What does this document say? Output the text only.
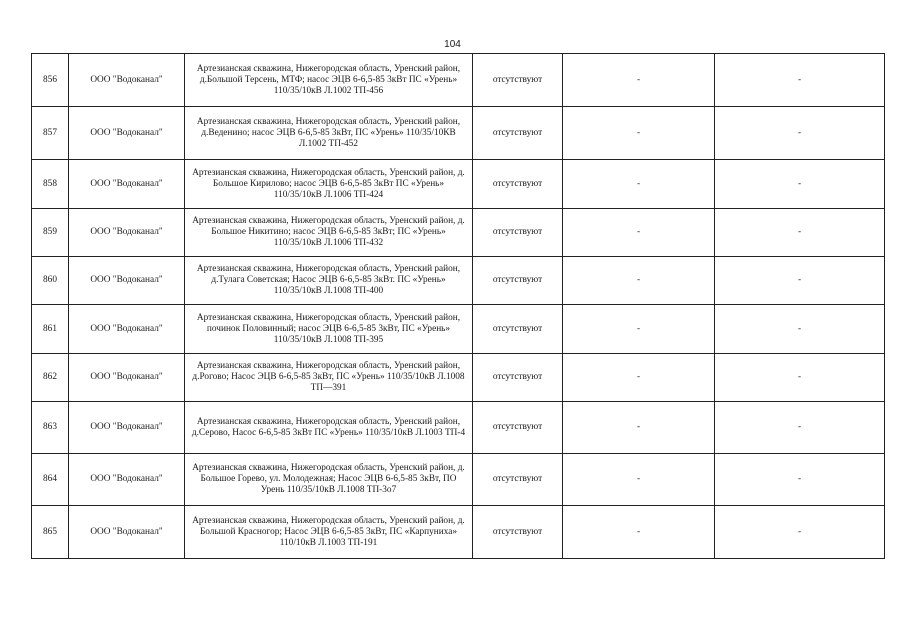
104
856	ООО "Водоканал"	Артезианская скважина, Нижегородская область, Уренский район, д.Большой Терсень, МТФ; насос ЭЦВ 6-6,5-85 3кВт ПС «Урень» 110/35/10кВ Л.1002 ТП-456	отсутствуют	-	-
857	ООО "Водоканал"	Артезианская скважина, Нижегородская область, Уренский район, д.Веденино; насос ЭЦВ 6-6,5-85 3кВт, ПС «Урень» 110/35/10КВ Л.1002 ТП-452	отсутствуют	-	-
858	ООО "Водоканал"	Артезианская скважина, Нижегородская область, Уренский район, д. Большое Кирилово; насос ЭЦВ 6-6,5-85 3кВт ПС «Урень» 110/35/10кВ Л.1006 ТП-424	отсутствуют	-	-
859	ООО "Водоканал"	Артезианская скважина, Нижегородская область, Уренский район, д. Большое Никитино; насос ЭЦВ 6-6,5-85 3кВт; ПС «Урень» 110/35/10кВ Л.1006 ТП-432	отсутствуют	-	-
860	ООО "Водоканал"	Артезианская скважина, Нижегородская область, Уренский район, д.Тулага Советская; Насос ЭЦВ 6-6,5-85 3кВт. ПС «Урень» 110/35/10кВ Л.1008 ТП-400	отсутствуют	-	-
861	ООО "Водоканал"	Артезианская скважина, Нижегородская область, Уренский район, починок Половинный; насос ЭЦВ 6-6,5-85 3кВт, ПС «Урень» 110/35/10кВ Л.1008 ТП-395	отсутствуют	-	-
862	ООО "Водоканал"	Артезианская скважина, Нижегородская область, Уренский район, д.Рогово; Насос ЭЦВ 6-6,5-85 3кВт, ПС «Урень» 110/35/10кВ Л.1008 ТП—391	отсутствуют	-	-
863	ООО "Водоканал"	Артезианская скважина, Нижегородская область, Уренский район, д.Серово, Насос 6-6,5-85 3кВт ПС «Урень» 110/35/10кВ Л.1003 ТП-4	отсутствуют	-	-
864	ООО "Водоканал"	Артезианская скважина, Нижегородская область, Уренский район, д. Большое Горево, ул. Молодежная; Насос ЭЦВ 6-6,5-85 3кВт, ПО Урень 110/35/10кВ Л.1008 ТП-3о7	отсутствуют	-	-
865	ООО "Водоканал"	Артезианская скважина, Нижегородская область, Уренский район, д. Большой Красногор; Насос ЭЦВ 6-6,5-85 3кВт, ПС «Карпуниха» 110/10кВ Л.1003 ТП-191	отсутствуют	-	-
